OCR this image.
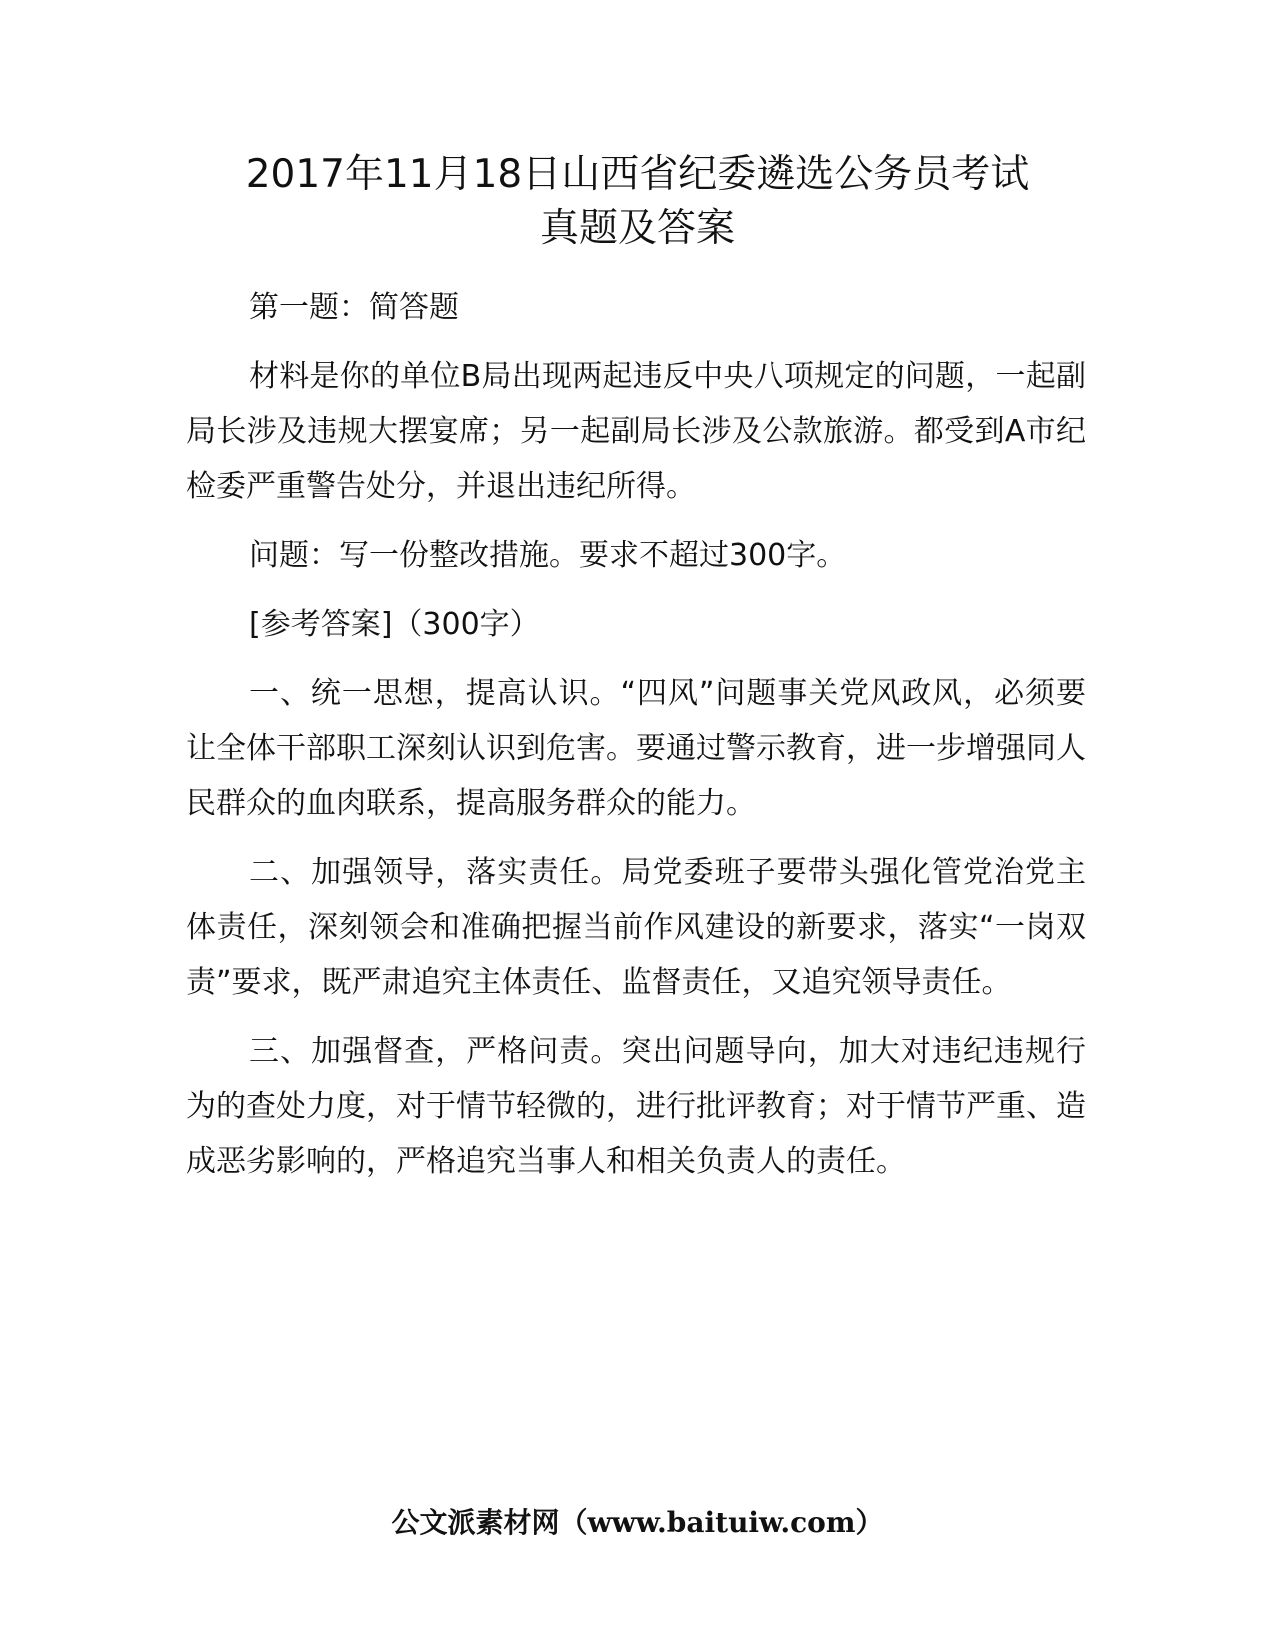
2017年11月18日山西省纪委遴选公务员考试
真题及答案

第一题：简答题

材料是你的单位B局出现两起违反中央八项规定的问题，一起副局长涉及违规大摆宴席；另一起副局长涉及公款旅游。都受到A市纪检委严重警告处分，并退出违纪所得。

问题：写一份整改措施。要求不超过300字。

[参考答案]（300字）

一、统一思想，提高认识。“四风”问题事关党风政风，必须要让全体干部职工深刻认识到危害。要通过警示教育，进一步增强同人民群众的血肉联系，提高服务群众的能力。

二、加强领导，落实责任。局党委班子要带头强化管党治党主体责任，深刻领会和准确把握当前作风建设的新要求，落实“一岗双责”要求，既严肃追究主体责任、监督责任，又追究领导责任。

三、加强督查，严格问责。突出问题导向，加大对违纪违规行为的查处力度，对于情节轻微的，进行批评教育；对于情节严重、造成恶劣影响的，严格追究当事人和相关负责人的责任。

公文派素材网（www.baituiw.com）
